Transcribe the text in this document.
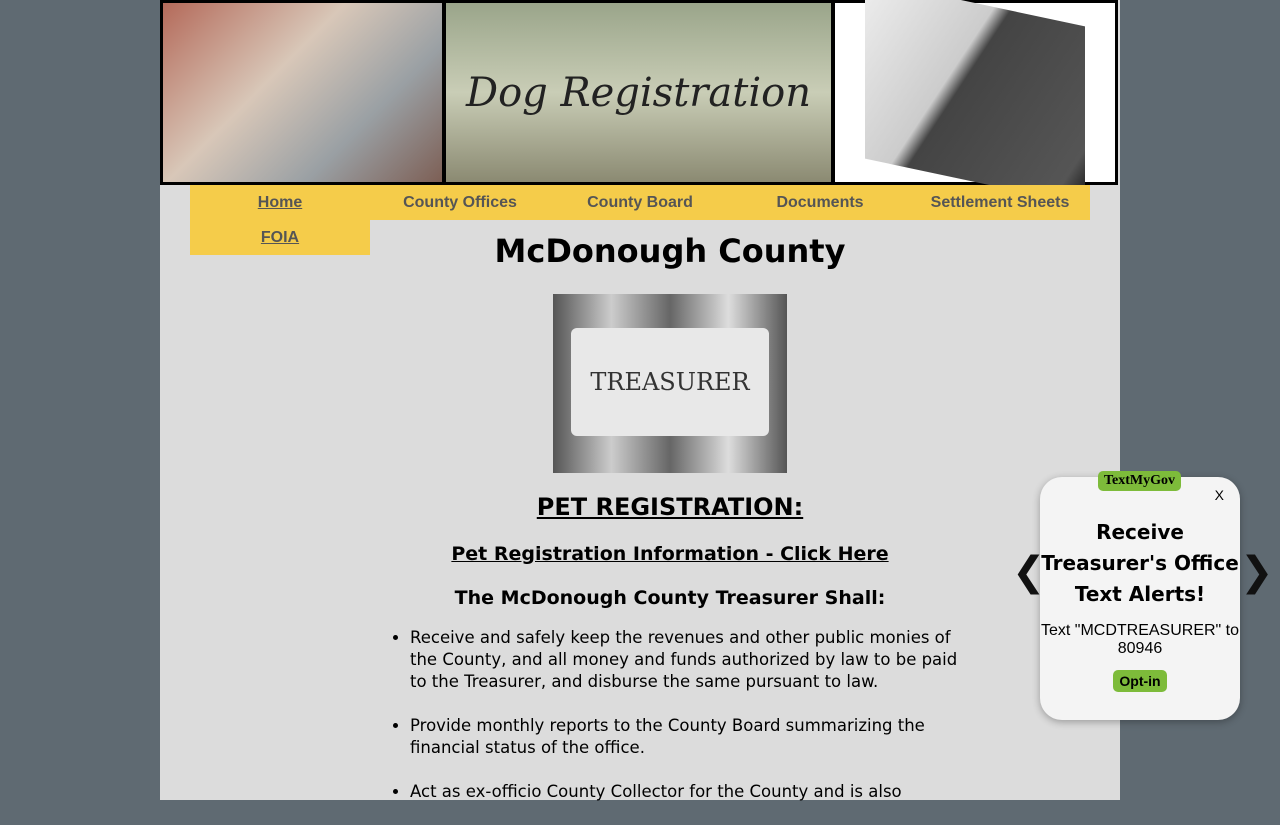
Dog Registration
Home	County Offices	County Board	Documents	Settlement Sheets
FOIA	McDonough County
TREASURER
PET REGISTRATION:
Pet Registration Information - Click Here
The McDonough County Treasurer Shall:
• Receive and safely keep the revenues and other public monies of the County, and all money and funds authorized by law to be paid to the Treasurer, and disburse the same pursuant to law.
• Provide monthly reports to the County Board summarizing the financial status of the office.
• Act as ex-officio County Collector for the County and is also
❮	❯
TextMyGov
X
Receive Treasurer's Office Text Alerts!
Text "MCDTREASURER" to 80946
Opt-in
